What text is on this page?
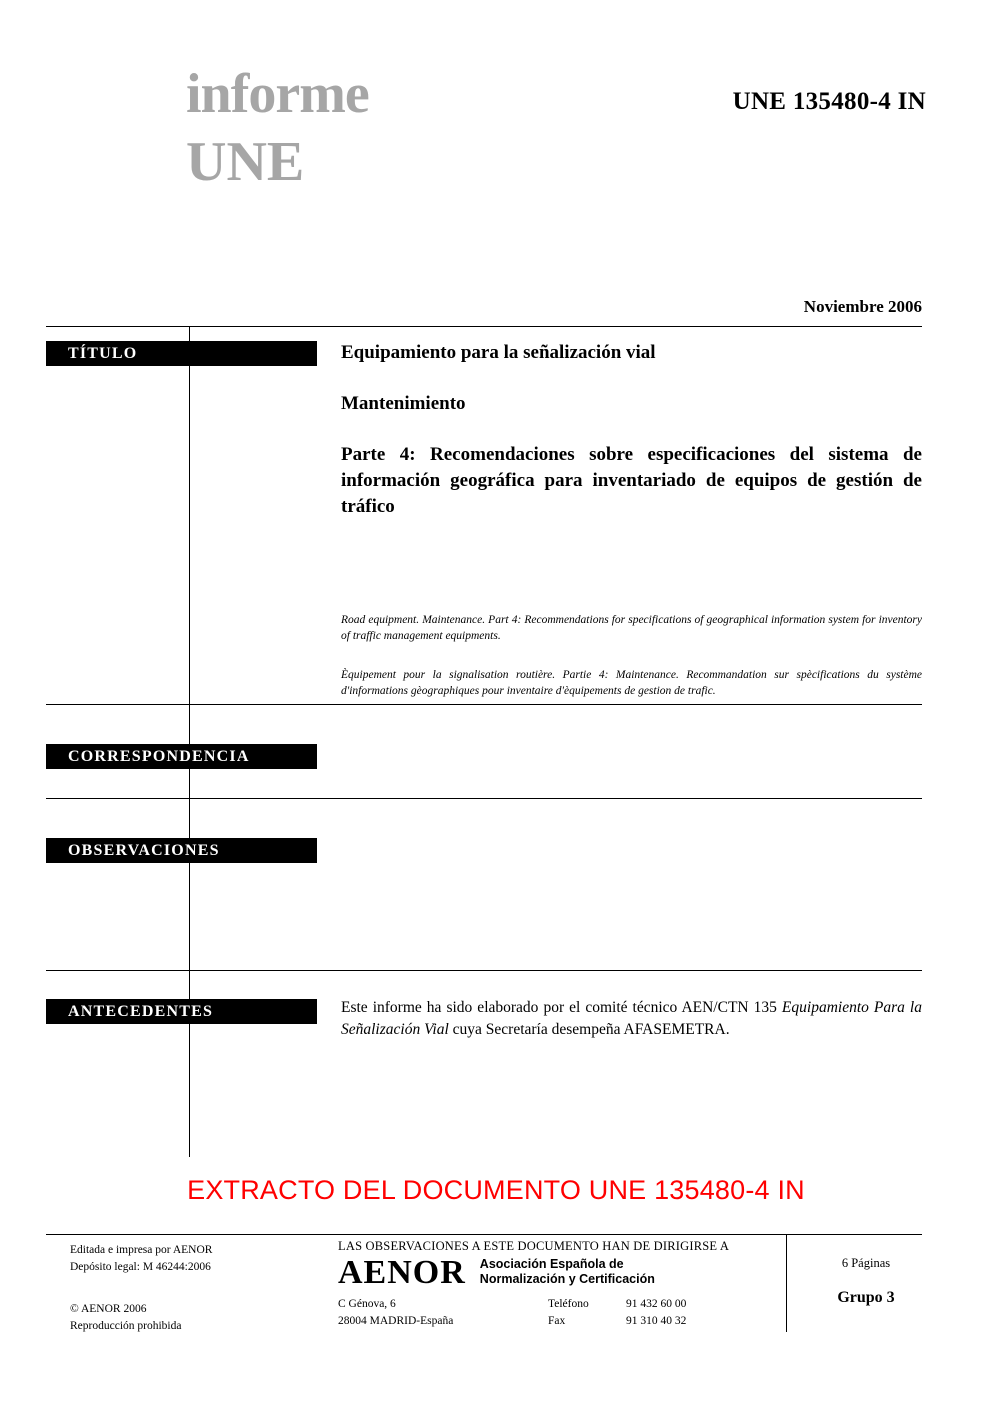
informe
UNE
UNE 135480-4 IN
Noviembre 2006
TÍTULO
CORRESPONDENCIA
OBSERVACIONES
ANTECEDENTES
Equipamiento para la señalización vial
Mantenimiento
Parte 4: Recomendaciones sobre especificaciones del sistema de información geográfica para inventariado de equipos de gestión de tráfico
Road equipment. Maintenance. Part 4: Recommendations for specifications of geographical information system for inventory of traffic management equipments.
Èquipement pour la signalisation routière. Partie 4: Maintenance. Recommandation sur spècifications du système d'informations gèographiques pour inventaire d'èquipements de gestion de trafic.
Este informe ha sido elaborado por el comité técnico AEN/CTN 135 Equipamiento Para la Señalización Vial cuya Secretaría desempeña AFASEMETRA.
EXTRACTO DEL DOCUMENTO UNE 135480-4 IN
Editada e impresa por AENOR
Depósito legal: M 46244:2006
© AENOR 2006
Reproducción prohibida
LAS OBSERVACIONES A ESTE DOCUMENTO HAN DE DIRIGIRSE A
AENOR Asociación Española de
Normalización y Certificación
C Génova, 6
28004 MADRID-España
Teléfono
Fax
91 432 60 00
91 310 40 32
6 Páginas
Grupo 3
